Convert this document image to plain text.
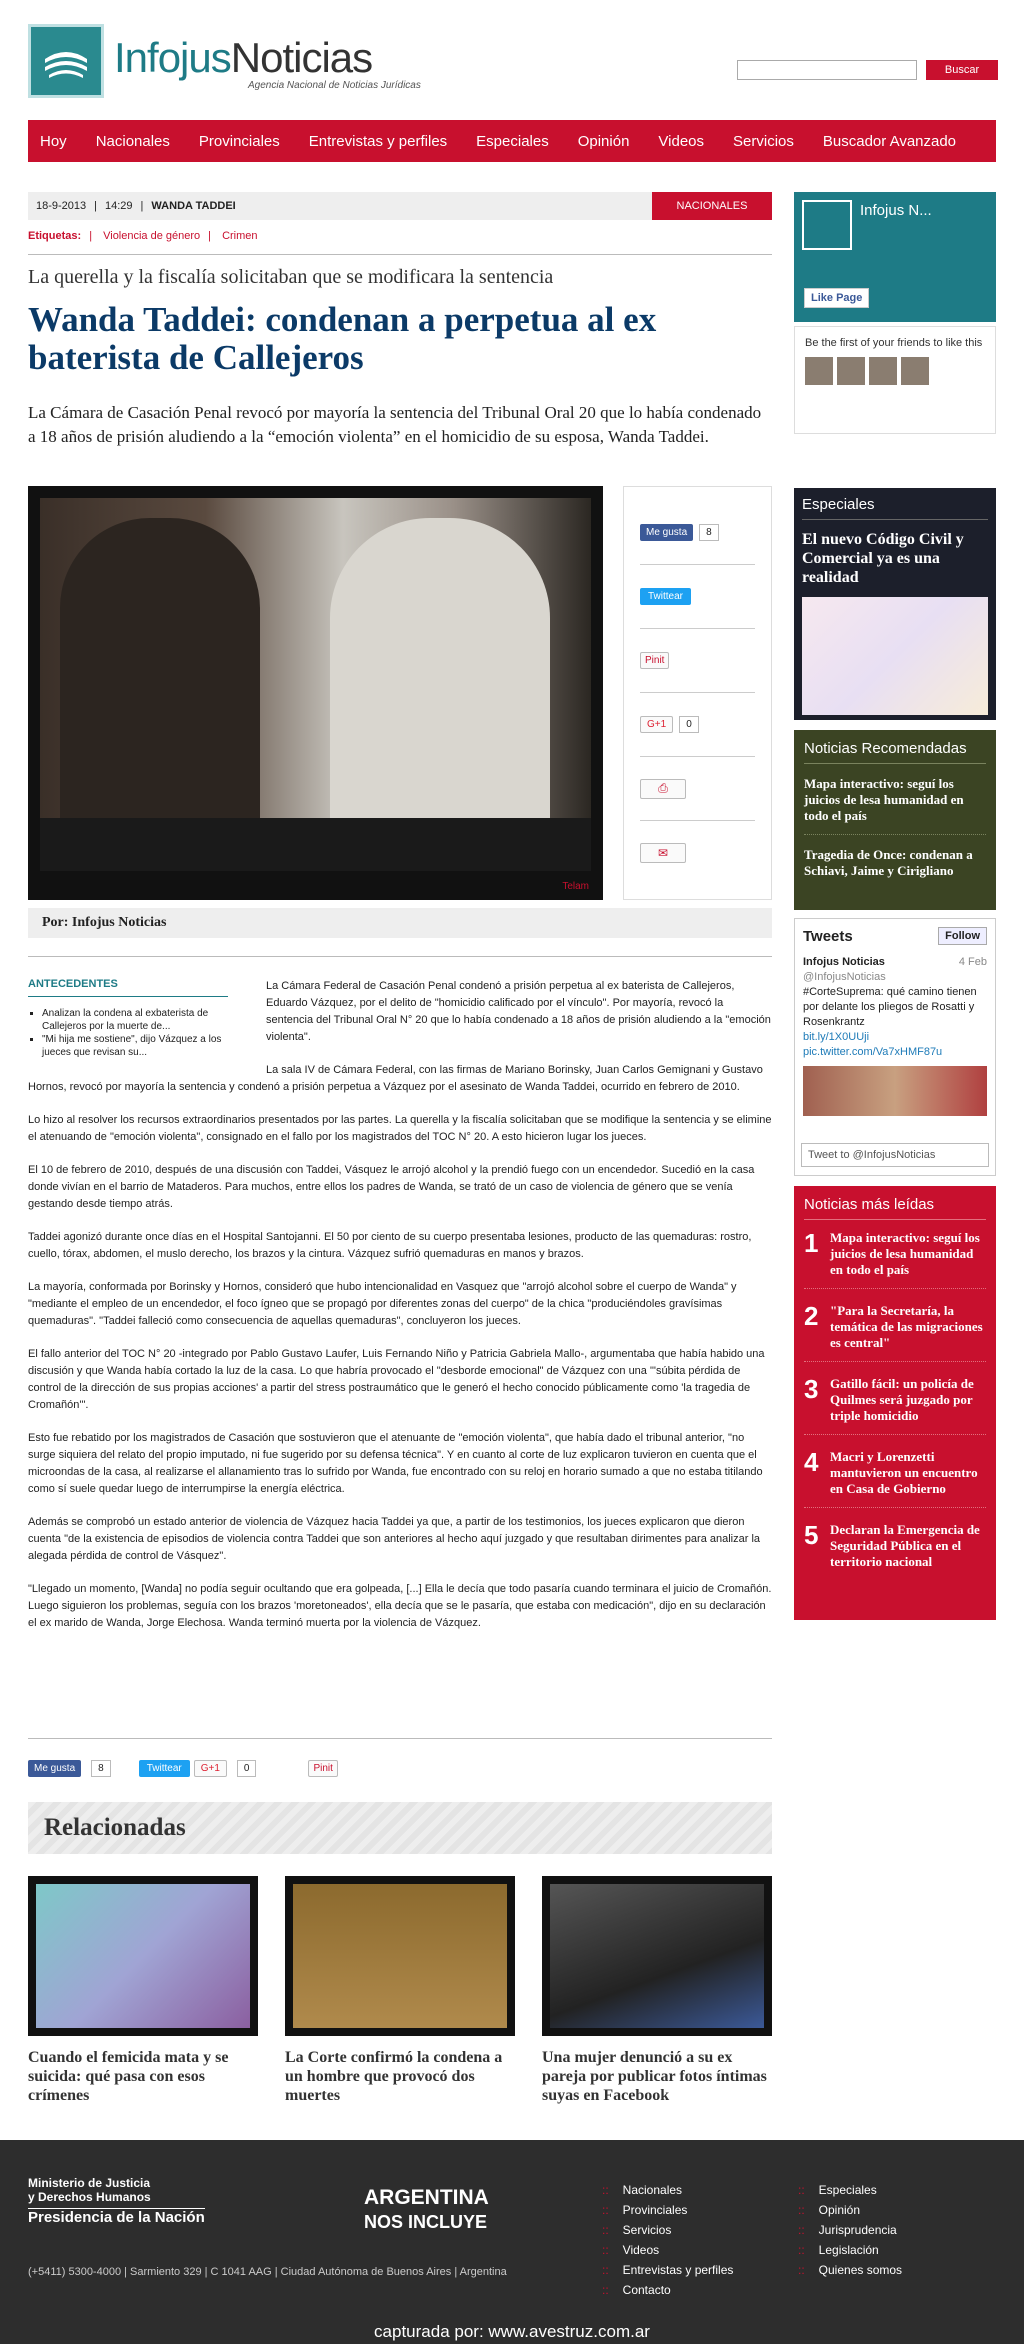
InfojusNoticias
Agencia Nacional de Noticias Jurídicas
Buscar
Hoy Nacionales Provinciales Entrevistas y perfiles Especiales Opinión Videos Servicios Buscador Avanzado
18-9-2013 | 14:29 | WANDA TADDEI	NACIONALES
Etiquetas: | Violencia de género | Crimen
La querella y la fiscalía solicitaban que se modificara la sentencia
Wanda Taddei: condenan a perpetua al ex baterista de Callejeros
La Cámara de Casación Penal revocó por mayoría la sentencia del Tribunal Oral 20 que lo había condenado a 18 años de prisión aludiendo a la “emoción violenta” en el homicidio de su esposa, Wanda Taddei.
Telam
Me gusta	8
Twittear
Pinit
G+1	0
⎙
✉
Por: Infojus Noticias

La Cámara Federal de Casación Penal condenó a prisión perpetua al ex baterista de Callejeros, Eduardo Vázquez, por el delito de "homicidio calificado por el vínculo". Por mayoría, revocó la sentencia del Tribunal Oral N° 20 que lo había condenado a 18 años de prisión aludiendo a la "emoción violenta".

La sala IV de Cámara Federal, con las firmas de Mariano Borinsky, Juan Carlos Gemignani y Gustavo Hornos, revocó por mayoría la sentencia y condenó a prisión perpetua a Vázquez por el asesinato de Wanda Taddei, ocurrido en febrero de 2010.

Lo hizo al resolver los recursos extraordinarios presentados por las partes. La querella y la fiscalía solicitaban que se modifique la sentencia y se elimine el atenuando de "emoción violenta", consignado en el fallo por los magistrados del TOC N° 20. A esto hicieron lugar los jueces.

El 10 de febrero de 2010, después de una discusión con Taddei, Vásquez le arrojó alcohol y la prendió fuego con un encendedor. Sucedió en la casa donde vivían en el barrio de Mataderos. Para muchos, entre ellos los padres de Wanda, se trató de un caso de violencia de género que se venía gestando desde tiempo atrás.

Taddei agonizó durante once días en el Hospital Santojanni. El 50 por ciento de su cuerpo presentaba lesiones, producto de las quemaduras: rostro, cuello, tórax, abdomen, el muslo derecho, los brazos y la cintura. Vázquez sufrió quemaduras en manos y brazos.

La mayoría, conformada por Borinsky y Hornos, consideró que hubo intencionalidad en Vasquez que "arrojó alcohol sobre el cuerpo de Wanda" y "mediante el empleo de un encendedor, el foco ígneo que se propagó por diferentes zonas del cuerpo" de la chica "produciéndoles gravísimas quemaduras". "Taddei falleció como consecuencia de aquellas quemaduras", concluyeron los jueces.

El fallo anterior del TOC N° 20 -integrado por Pablo Gustavo Laufer, Luis Fernando Niño y Patricia Gabriela Mallo-, argumentaba que había habido una discusión y que Wanda había cortado la luz de la casa. Lo que habría provocado el "desborde emocional" de Vázquez con una "'súbita pérdida de control de la dirección de sus propias acciones' a partir del stress postraumático que le generó el hecho conocido públicamente como 'la tragedia de Cromañón'".

Esto fue rebatido por los magistrados de Casación que sostuvieron que el atenuante de "emoción violenta", que había dado el tribunal anterior, "no surge siquiera del relato del propio imputado, ni fue sugerido por su defensa técnica". Y en cuanto al corte de luz explicaron tuvieron en cuenta que el microondas de la casa, al realizarse el allanamiento tras lo sufrido por Wanda, fue encontrado con su reloj en horario sumado a que no estaba titilando como sí suele quedar luego de interrumpirse la energía eléctrica.

Además se comprobó un estado anterior de violencia de Vázquez hacia Taddei ya que, a partir de los testimonios, los jueces explicaron que dieron cuenta "de la existencia de episodios de violencia contra Taddei que son anteriores al hecho aquí juzgado y que resultaban dirimentes para analizar la alegada pérdida de control de Vásquez".

"Llegado un momento, [Wanda] no podía seguir ocultando que era golpeada, [...] Ella le decía que todo pasaría cuando terminara el juicio de Cromañón. Luego siguieron los problemas, seguía con los brazos 'moretoneados', ella decía que se le pasaría, que estaba con medicación", dijo en su declaración el ex marido de Wanda, Jorge Elechosa. Wanda terminó muerta por la violencia de Vázquez.

ANTECEDENTES
▪ Analizan la condena al exbaterista de Callejeros por la muerte de...
▪ "Mi hija me sostiene", dijo Vázquez a los jueces que revisan su...
Me gusta	8	Twittear	G+1	0	Pinit
Relacionadas
Cuando el femicida mata y se suicida: qué pasa con esos crímenes
La Corte confirmó la condena a un hombre que provocó dos muertes
Una mujer denunció a su ex pareja por publicar fotos íntimas suyas en Facebook
Infojus N...
Like Page
Be the first of your friends to like this
Especiales
El nuevo Código Civil y Comercial ya es una realidad
Noticias Recomendadas
Mapa interactivo: seguí los juicios de lesa humanidad en todo el país
Tragedia de Once: condenan a Schiavi, Jaime y Cirigliano
Tweets	Follow
Infojus Noticias	4 Feb
@InfojusNoticias
#CorteSuprema: qué camino tienen por delante los pliegos de Rosatti y Rosenkrantz
bit.ly/1X0UUji pic.twitter.com/Va7xHMF87u
Tweet to @InfojusNoticias
Noticias más leídas
1 Mapa interactivo: seguí los juicios de lesa humanidad en todo el país
2 "Para la Secretaría, la temática de las migraciones es central"
3 Gatillo fácil: un policía de Quilmes será juzgado por triple homicidio
4 Macri y Lorenzetti mantuvieron un encuentro en Casa de Gobierno
5 Declaran la Emergencia de Seguridad Pública en el territorio nacional
Ministerio de Justicia y Derechos Humanos
Presidencia de la Nación
ARGENTINA
NOS INCLUYE
(+5411) 5300-4000 | Sarmiento 329 | C 1041 AAG | Ciudad Autónoma de Buenos Aires | Argentina
:: Nacionales
:: Provinciales
:: Servicios
:: Videos
:: Entrevistas y perfiles
:: Contacto
:: Especiales
:: Opinión
:: Jurisprudencia
:: Legislación
:: Quienes somos
capturada por: www.avestruz.com.ar
